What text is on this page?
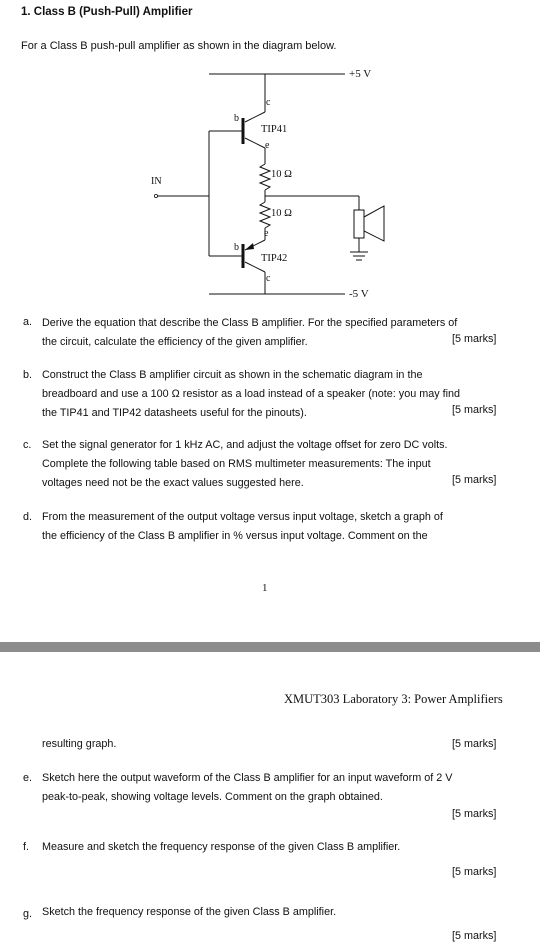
1. Class B (Push-Pull) Amplifier
For a Class B push-pull amplifier as shown in the diagram below.
+5 V
-5 V
IN
c
b
TIP41
e
10 Ω
10 Ω
e
b
TIP42
c
a. Derive the equation that describe the Class B amplifier. For the specified parameters of
the circuit, calculate the efficiency of the given amplifier.	[5 marks]
b. Construct the Class B amplifier circuit as shown in the schematic diagram in the
breadboard and use a 100 Ω resistor as a load instead of a speaker (note: you may find
the TIP41 and TIP42 datasheets useful for the pinouts).	[5 marks]
c. Set the signal generator for 1 kHz AC, and adjust the voltage offset for zero DC volts.
Complete the following table based on RMS multimeter measurements: The input
voltages need not be the exact values suggested here.	[5 marks]
d. From the measurement of the output voltage versus input voltage, sketch a graph of
the efficiency of the Class B amplifier in % versus input voltage. Comment on the
1
XMUT303 Laboratory 3: Power Amplifiers
resulting graph.	[5 marks]
e. Sketch here the output waveform of the Class B amplifier for an input waveform of 2 V
peak-to-peak, showing voltage levels. Comment on the graph obtained.
[5 marks]
f. Measure and sketch the frequency response of the given Class B amplifier.
[5 marks]
g. Sketch the frequency response of the given Class B amplifier.
[5 marks]
